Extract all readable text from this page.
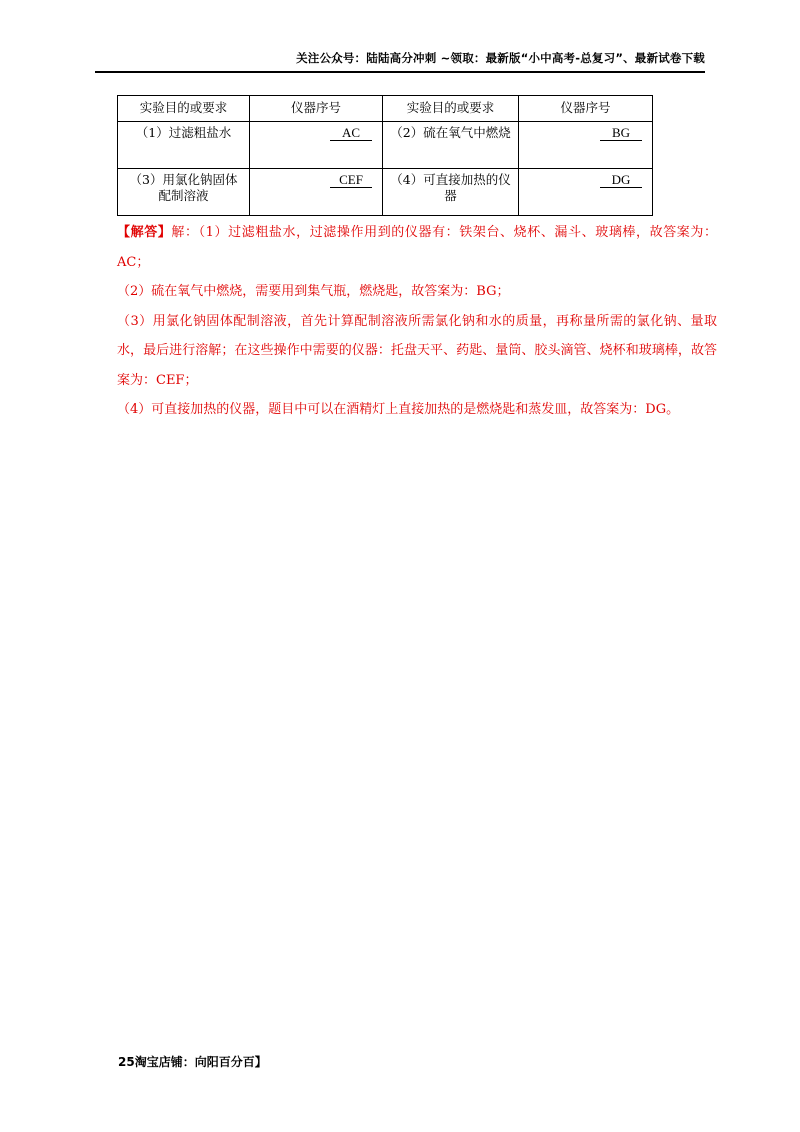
关注公众号：陆陆高分冲刺 ~领取：最新版“小中高考-总复习”、最新试卷下载
实验目的或要求	仪器序号	实验目的或要求	仪器序号
（1）过滤粗盐水	AC	（2）硫在氧气中燃烧	BG
（3）用氯化钠固体配制溶液	CEF	（4）可直接加热的仪器	DG

【解答】解：（1）过滤粗盐水，过滤操作用到的仪器有：铁架台、烧杯、漏斗、玻璃棒，故答案为：AC；

（2）硫在氧气中燃烧，需要用到集气瓶，燃烧匙，故答案为：BG；

（3）用氯化钠固体配制溶液，首先计算配制溶液所需氯化钠和水的质量，再称量所需的氯化钠、量取水，最后进行溶解；在这些操作中需要的仪器：托盘天平、药匙、量筒、胶头滴管、烧杯和玻璃棒，故答案为：CEF；

（4）可直接加热的仪器，题目中可以在酒精灯上直接加热的是燃烧匙和蒸发皿，故答案为：DG。

25淘宝店铺：向阳百分百】
